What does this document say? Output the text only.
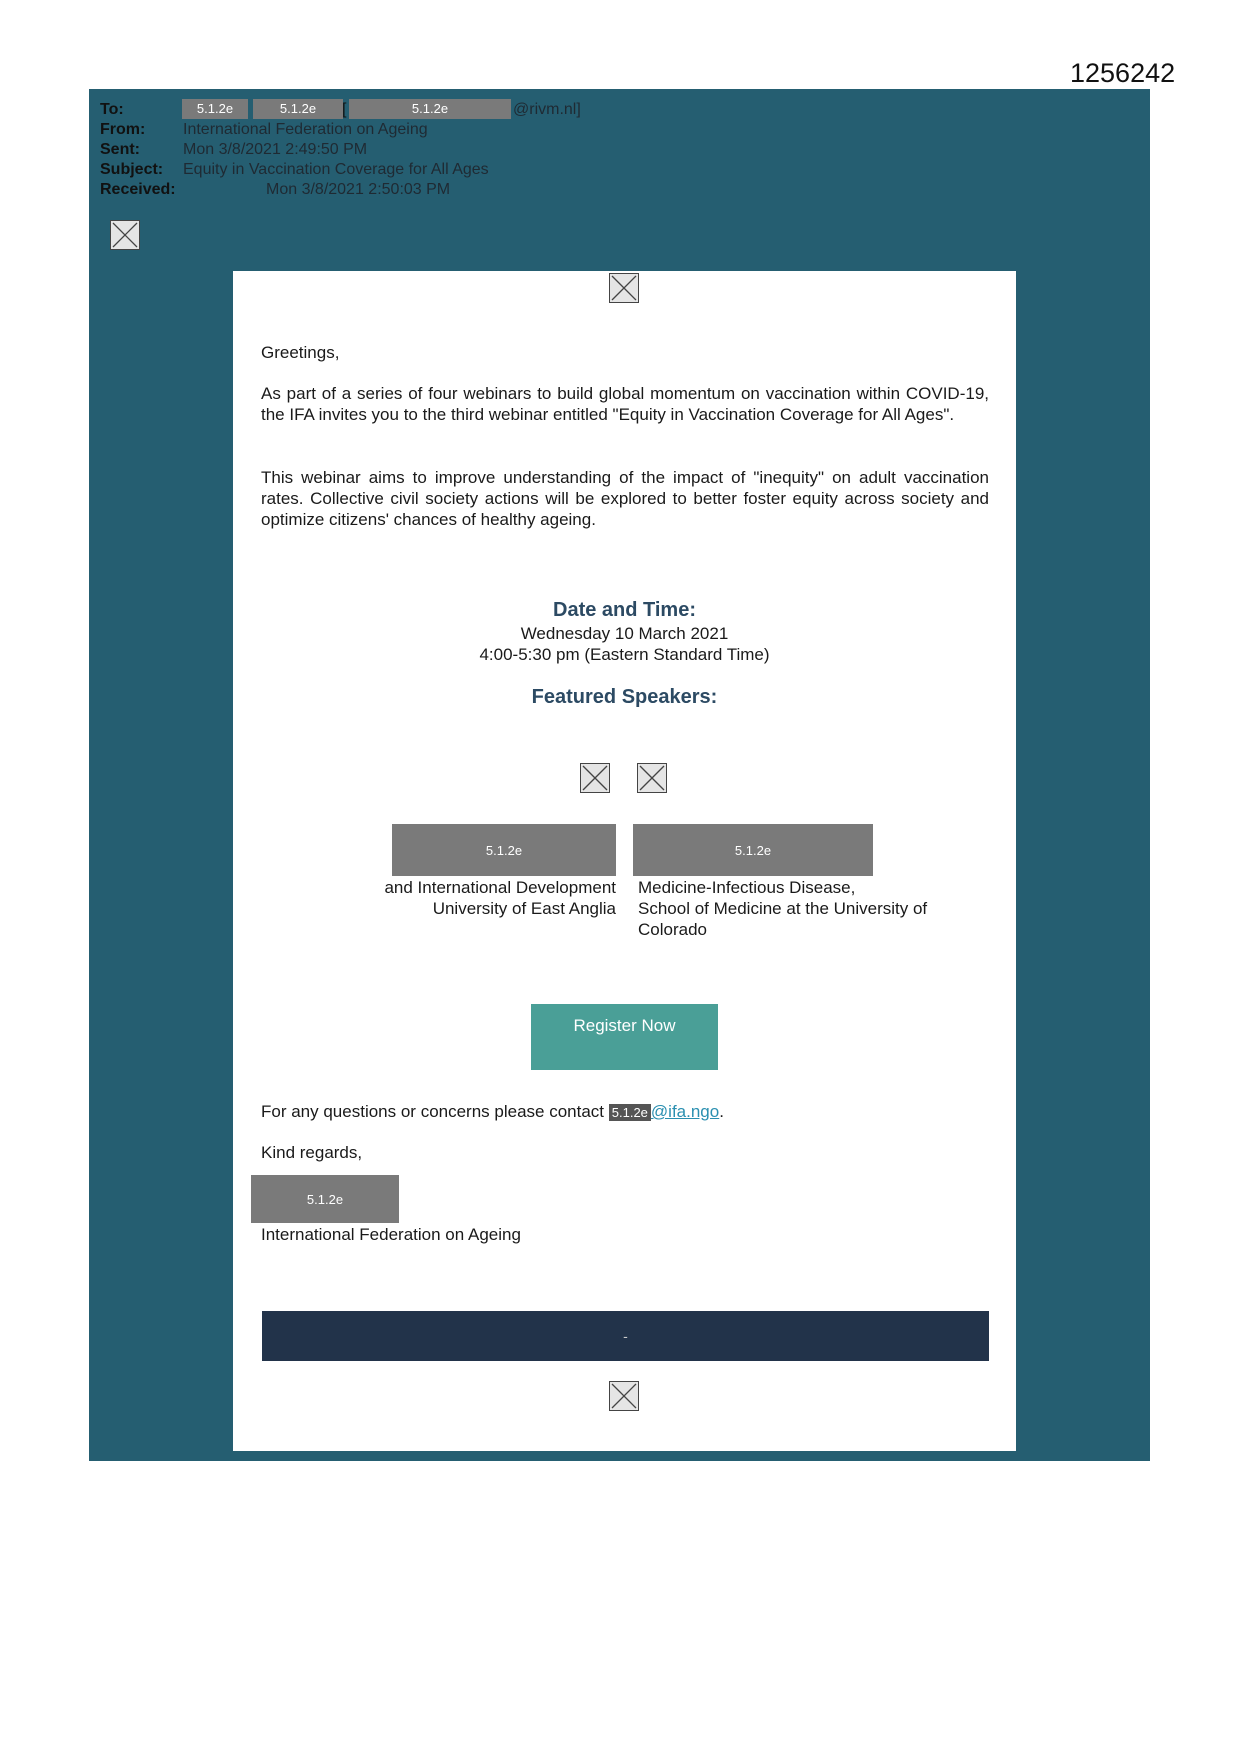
1256242
To:	5.1.2e	5.1.2e	[	5.1.2e	@rivm.nl]
From: International Federation on Ageing
Sent:	Mon 3/8/2021 2:49:50 PM
Subject: Equity in Vaccination Coverage for All Ages
Received:	Mon 3/8/2021 2:50:03 PM
Greetings,
As part of a series of four webinars to build global momentum on vaccination within COVID-19, the IFA invites you to the third webinar entitled "Equity in Vaccination Coverage for All Ages".
This webinar aims to improve understanding of the impact of "inequity" on adult vaccination rates. Collective civil society actions will be explored to better foster equity across society and optimize citizens' chances of healthy ageing.
Date and Time:
Wednesday 10 March 2021
4:00-5:30 pm (Eastern Standard Time)
Featured Speakers:
5.1.2e
and International Development
University of East Anglia
5.1.2e
Medicine-Infectious Disease,
School of Medicine at the University of
Colorado
Register Now
For any questions or concerns please contact 5.1.2e @ifa.ngo.
Kind regards,
5.1.2e
International Federation on Ageing
-
